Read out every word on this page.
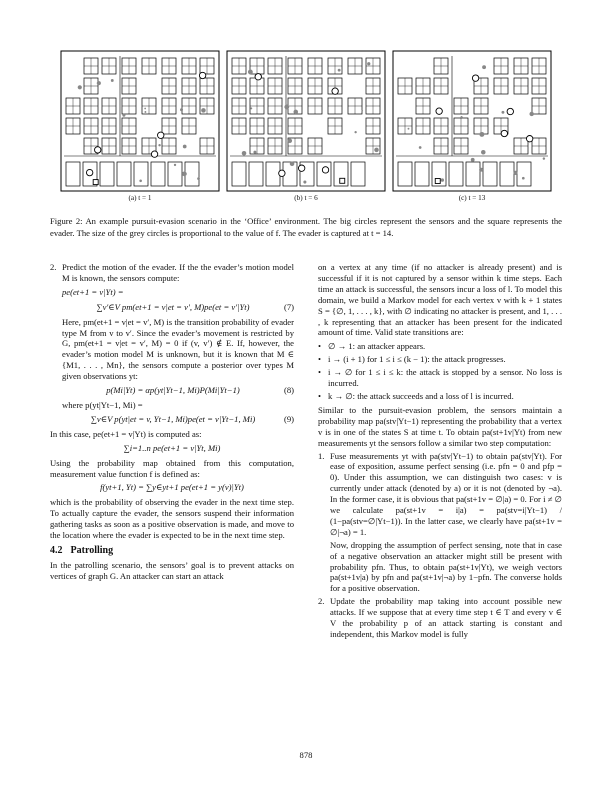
(a) t = 1	(b) t = 6	(c) t = 13
Figure 2: An example pursuit-evasion scenario in the ‘Office’ environment. The big circles represent the sensors and the square represents the evader. The size of the grey circles is proportional to the value of f. The evader is captured at t = 14.
2. Predict the motion of the evader. If the the evader’s motion model M is known, the sensors compute:

pe(et+1 = v|Yt) =
∑v′∈V pm(et+1 = v|et = v′, M)pe(et = v′|Yt)	(7)

Here, pm(et+1 = v|et = v′, M) is the transition probability of evader type M from v to v′. Since the evader’s movement is restricted by G, pm(et+1 = v|et = v′, M) = 0 if (v, v′) ∉ E. If, however, the evader’s motion model M is unknown, but it is known that M ∈ {M1, . . . , Mn}, the sensors compute a posterior over types M given observations yt:

p(Mi|Yt) = αp(yt|Yt−1, Mi)P(Mi|Yt−1)	(8)

where p(yt|Yt−1, Mi) =

∑v∈V p(yt|et = v, Yt−1, Mi)pe(et = v|Yt−1, Mi)	(9)

In this case, pe(et+1 = v|Yt) is computed as:

∑i=1..n pe(et+1 = v|Yt, Mi)

Using the probability map obtained from this computation, measurement value function f is defined as:

f(yt+1, Yt) = ∑y∈yt+1 pe(et+1 = y(v)|Yt)

which is the probability of observing the evader in the next time step. To actually capture the evader, the sensors suspend their information gathering tasks as soon as a positive observation is made, and move to the location where the evader is expected to be in the next time step.

4.2 Patrolling

In the patrolling scenario, the sensors’ goal is to prevent attacks on vertices of graph G. An attacker can start an attack

on a vertex at any time (if no attacker is already present) and is successful if it is not captured by a sensor within k time steps. Each time an attack is successful, the sensors incur a loss of l. To model this domain, we build a Markov model for each vertex v with k + 1 states S = {∅, 1, . . . , k}, with ∅ indicating no attacker is present, and 1, . . . , k representing that an attacker has been present for the indicated amount of time. Valid state transitions are:

• ∅ → 1: an attacker appears.
• i → (i + 1) for 1 ≤ i ≤ (k − 1): the attack progresses.
• i → ∅ for 1 ≤ i ≤ k: the attack is stopped by a sensor. No loss is incurred.
• k → ∅: the attack succeeds and a loss of l is incurred.

Similar to the pursuit-evasion problem, the sensors maintain a probability map pa(stv|Yt−1) representing the probability that a vertex v is in one of the states S at time t. To obtain pa(st+1v|Yt) from new measurements yt the sensors follow a similar two step computation:

1. Fuse measurements yt with pa(stv|Yt−1) to obtain pa(stv|Yt). For ease of exposition, assume perfect sensing (i.e. pfn = 0 and pfp = 0). Under this assumption, we can distinguish two cases: v is currently under attack (denoted by a) or it is not (denoted by ¬a). In the former case, it is obvious that pa(st+1v = ∅|a) = 0. For i ≠ ∅ we calculate pa(st+1v = i|a) = pa(stv=i|Yt−1) / (1−pa(stv=∅|Yt−1)). In the latter case, we clearly have pa(st+1v = ∅|¬a) = 1.

Now, dropping the assumption of perfect sensing, note that in case of a negative observation an attacker might still be present with probability pfn. Thus, to obtain pa(st+1v|Yt), we weigh vectors pa(st+1v|a) by pfn and pa(st+1v|¬a) by 1−pfn. The converse holds for a positive observation.

2. Update the probability map taking into account possible new attacks. If we suppose that at every time step t ∈ T and every v ∈ V the probability p of an attack starting is constant and independent, this Markov model is fully

878
